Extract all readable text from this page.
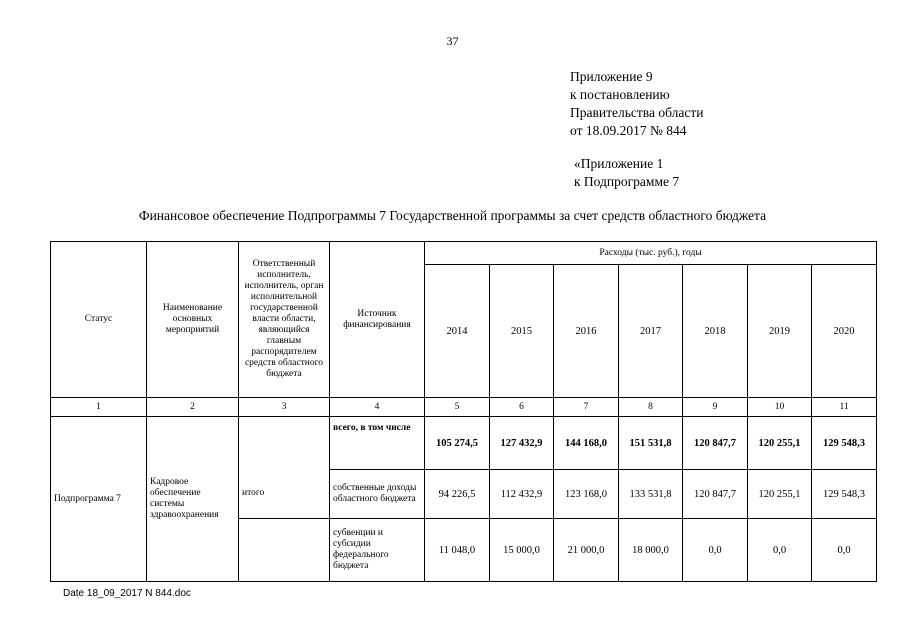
37
Приложение 9
к постановлению
Правительства области
от 18.09.2017 № 844
«Приложение 1
к Подпрограмме 7
Финансовое обеспечение Подпрограммы 7 Государственной программы за счет средств областного бюджета
Статус	Наименование основных мероприятий	Ответственный исполнитель, исполнитель, орган исполнительной государственной власти области, являющийся главным распорядителем средств областного бюджета	Источник финансирования	Расходы (тыс. руб.), годы						
				2014	2015	2016	2017	2018	2019	2020
1	2	3	4	5	6	7	8	9	10	11
Подпрограмма 7	Кадровое обеспечение системы здравоохранения		всего, в том числе	105 274,5	127 432,9	144 168,0	151 531,8	120 847,7	120 255,1	129 548,3
		итого	собственные доходы областного бюджета	94 226,5	112 432,9	123 168,0	133 531,8	120 847,7	120 255,1	129 548,3
			субвенции и субсидии федерального бюджета	11 048,0	15 000,0	21 000,0	18 000,0	0,0	0,0	0,0
Date 18_09_2017 N 844.doc
